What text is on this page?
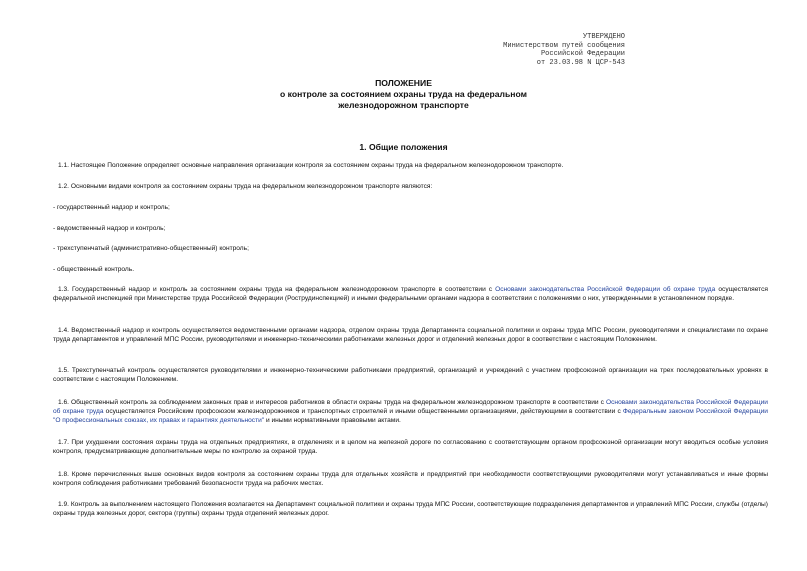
УТВЕРЖДЕНО
Министерством путей сообщения
Российской Федерации
от 23.03.98 N ЦСР-543
ПОЛОЖЕНИЕ
о контроле за состоянием охраны труда на федеральном
железнодорожном транспорте
1. Общие положения
1.1. Настоящее Положение определяет основные направления организации контроля за состоянием охраны труда на федеральном железнодорожном транспорте.
1.2. Основными видами контроля за состоянием охраны труда на федеральном железнодорожном транспорте являются:
- государственный надзор и контроль;
- ведомственный надзор и контроль;
- трехступенчатый (административно-общественный) контроль;
- общественный контроль.
1.3. Государственный надзор и контроль за состоянием охраны труда на федеральном железнодорожном транспорте в соответствии с Основами законодательства Российской Федерации об охране труда осуществляется федеральной инспекцией при Министерстве труда Российской Федерации (Рострудинспекцией) и иными федеральными органами надзора в соответствии с положениями о них, утвержденными в установленном порядке.
1.4. Ведомственный надзор и контроль осуществляется ведомственными органами надзора, отделом охраны труда Департамента социальной политики и охраны труда МПС России, руководителями и специалистами по охране труда департаментов и управлений МПС России, руководителями и инженерно-техническими работниками железных дорог и отделений железных дорог в соответствии с настоящим Положением.
1.5. Трехступенчатый контроль осуществляется руководителями и инженерно-техническими работниками предприятий, организаций и учреждений с участием профсоюзной организации на трех последовательных уровнях в соответствии с настоящим Положением.
1.6. Общественный контроль за соблюдением законных прав и интересов работников в области охраны труда на федеральном железнодорожном транспорте в соответствии с Основами законодательства Российской Федерации об охране труда осуществляется Российским профсоюзом железнодорожников и транспортных строителей и иными общественными организациями, действующими в соответствии с Федеральным законом Российской Федерации "О профессиональных союзах, их правах и гарантиях деятельности" и иными нормативными правовыми актами.
1.7. При ухудшении состояния охраны труда на отдельных предприятиях, в отделениях и в целом на железной дороге по согласованию с соответствующим органом профсоюзной организации могут вводиться особые условия контроля, предусматривающие дополнительные меры по контролю за охраной труда.
1.8. Кроме перечисленных выше основных видов контроля за состоянием охраны труда для отдельных хозяйств и предприятий при необходимости соответствующими руководителями могут устанавливаться и иные формы контроля соблюдения работниками требований безопасности труда на рабочих местах.
1.9. Контроль за выполнением настоящего Положения возлагается на Департамент социальной политики и охраны труда МПС России, соответствующие подразделения департаментов и управлений МПС России, службы (отделы) охраны труда железных дорог, сектора (группы) охраны труда отделений железных дорог.
